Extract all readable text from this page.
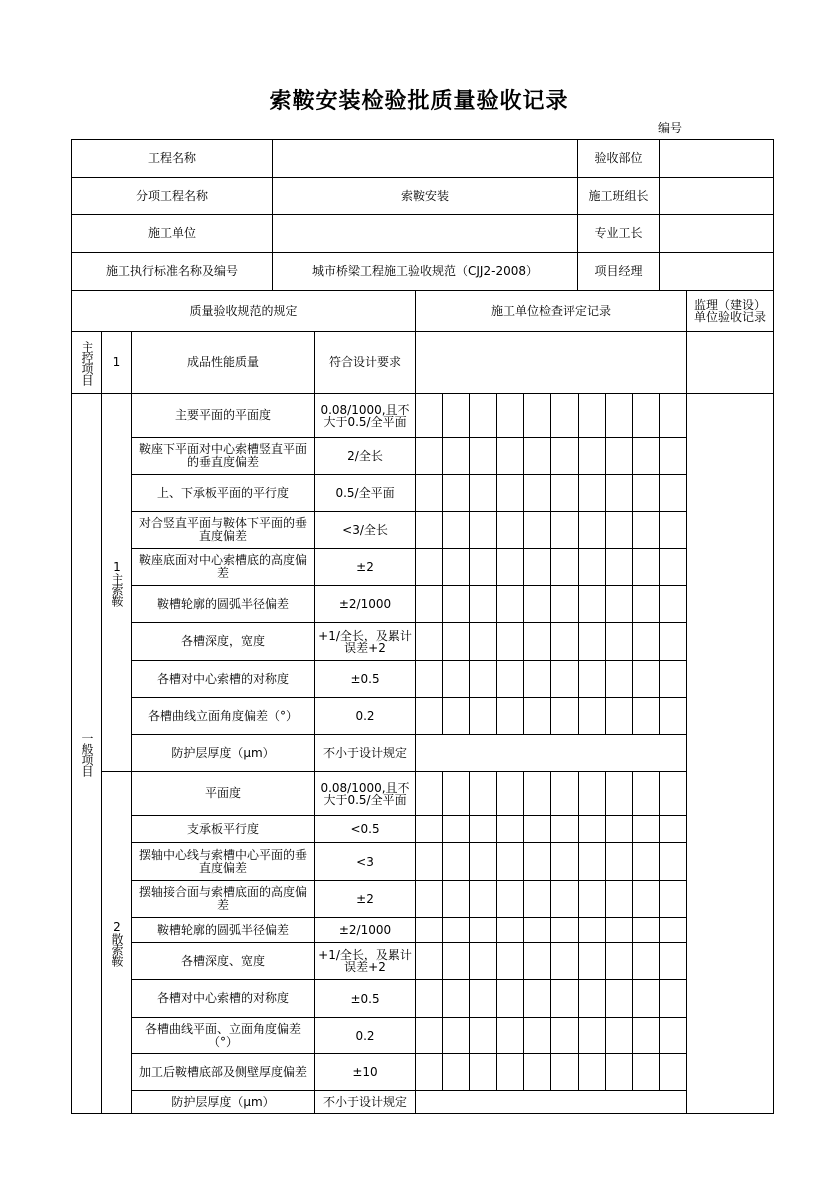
索鞍安装检验批质量验收记录
编号
工程名称		验收部位	
分项工程名称	索鞍安装	施工班组长	
施工单位		专业工长	
施工执行标准名称及编号	城市桥梁工程施工验收规范（CJJ2-2008）	项目经理	
质量验收规范的规定				施工单位检查评定记录										监理（建设）单位验收记录
主控项目	1	成品性能质量	符合设计要求											
一般项目	1主索鞍	主要平面的平面度	0.08/1000,且不大于0.5/全平面											
		鞍座下平面对中心索槽竖直平面的垂直度偏差	2/全长											
		上、下承板平面的平行度	0.5/全平面											
		对合竖直平面与鞍体下平面的垂直度偏差	<3/全长											
		鞍座底面对中心索槽底的高度偏差	±2											
		鞍槽轮廓的圆弧半径偏差	±2/1000											
		各槽深度，宽度	+1/全长，及累计误差+2											
		各槽对中心索槽的对称度	±0.5											
		各槽曲线立面角度偏差（°）	0.2											
		防护层厚度（μm）	不小于设计规定											
	2散索鞍	平面度	0.08/1000,且不大于0.5/全平面											
		支承板平行度	<0.5											
		摆轴中心线与索槽中心平面的垂直度偏差	<3											
		摆轴接合面与索槽底面的高度偏差	±2											
		鞍槽轮廓的圆弧半径偏差	±2/1000											
		各槽深度、宽度	+1/全长，及累计误差+2											
		各槽对中心索槽的对称度	±0.5											
		各槽曲线平面、立面角度偏差（°）	0.2											
		加工后鞍槽底部及侧壁厚度偏差	±10											
		防护层厚度（μm）	不小于设计规定											
